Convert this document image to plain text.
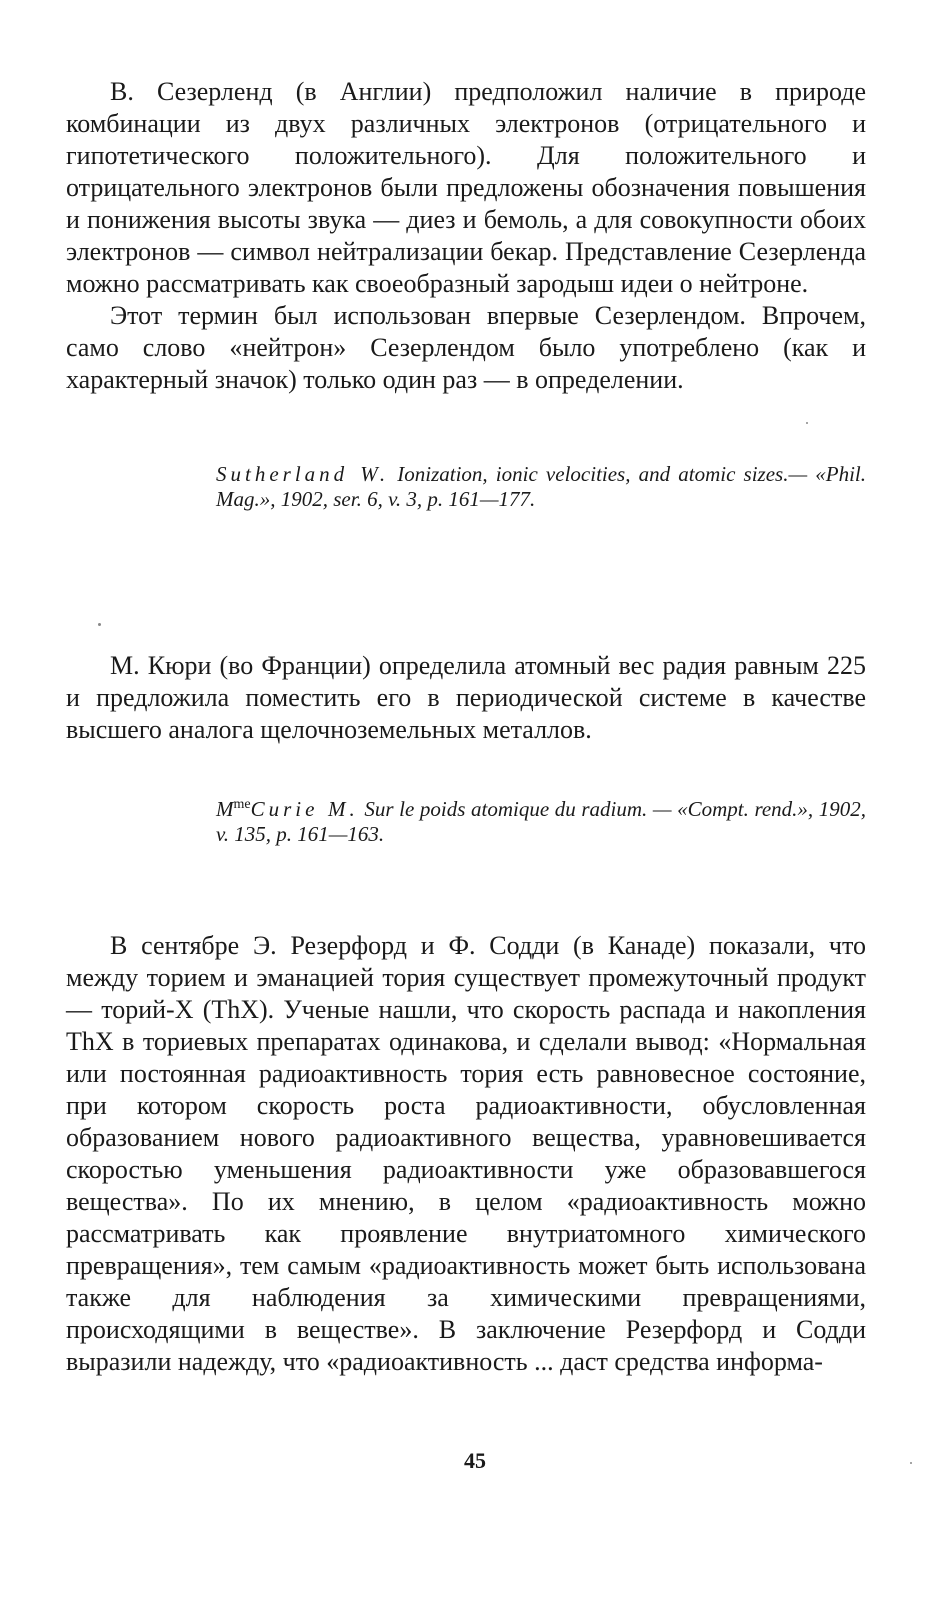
В. Сезерленд (в Англии) предположил наличие в природе комбинации из двух различных электронов (отрицательного и гипотетического положительного). Для положительного и отрицательного электронов были предложены обозначения повышения и понижения высоты звука — диез и бемоль, а для совокупности обоих электронов — символ нейтрализации бекар. Представление Сезерленда можно рассматривать как своеобразный зародыш идеи о нейтроне.

Этот термин был использован впервые Сезерлендом. Впрочем, само слово «нейтрон» Сезерлендом было употреблено (как и характерный значок) только один раз — в определении.

Sutherland W. Ionization, ionic velocities, and atomic sizes.— «Phil. Mag.», 1902, ser. 6, v. 3, p. 161—177.

М. Кюри (во Франции) определила атомный вес радия равным 225 и предложила поместить его в периодической системе в качестве высшего аналога щелочноземельных металлов.

$M^{me}Curie$ M. Sur le poids atomique du radium. — «Compt. rend.», 1902, v. 135, p. 161—163.

В сентябре Э. Резерфорд и Ф. Содди (в Канаде) показали, что между торием и эманацией тория существует промежуточный продукт — торий-X (ThX). Ученые нашли, что скорость распада и накопления ThX в ториевых препаратах одинакова, и сделали вывод: «Нормальная или постоянная радиоактивность тория есть равновесное состояние, при котором скорость роста радиоактивности, обусловленная образованием нового радиоактивного вещества, уравновешивается скоростью уменьшения радиоактивности уже образовавшегося вещества». По их мнению, в целом «радиоактивность можно рассматривать как проявление внутриатомного химического превращения», тем самым «радиоактивность может быть использована также для наблюдения за химическими превращениями, происходящими в веществе». В заключение Резерфорд и Содди выразили надежду, что «радиоактивность ... даст средства информа-

45
